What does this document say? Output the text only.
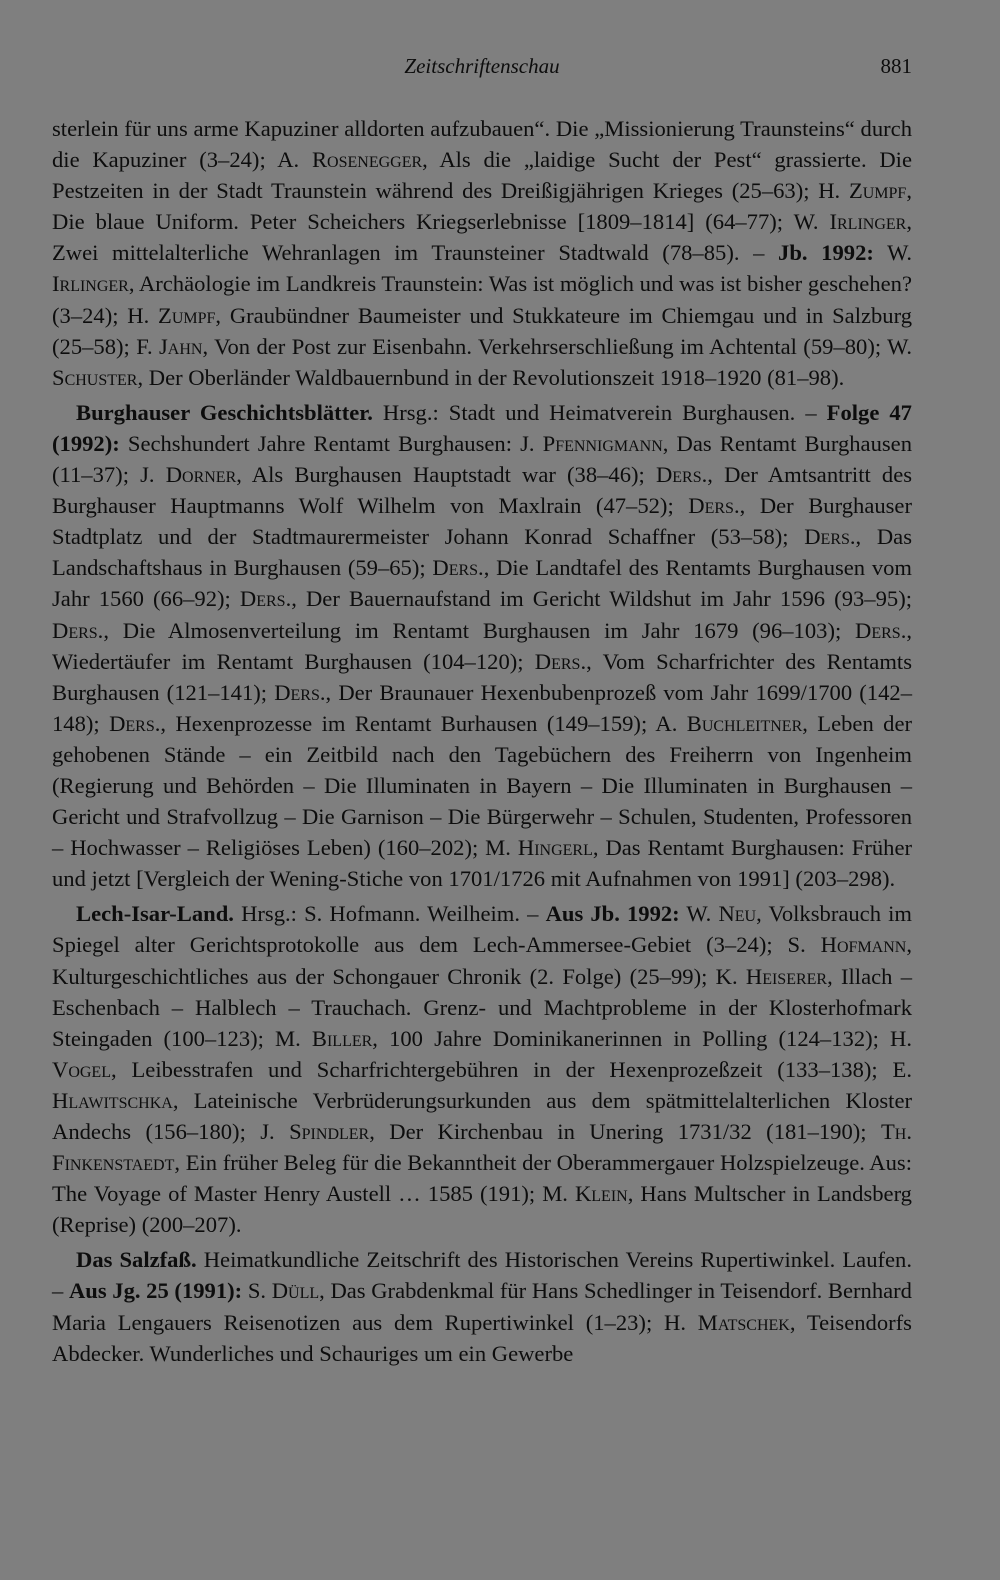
Zeitschriftenschau	881

sterlein für uns arme Kapuziner alldorten aufzubauen“. Die „Missionierung Traunsteins“ durch die Kapuziner (3–24); A. Rosenegger, Als die „laidige Sucht der Pest“ grassierte. Die Pestzeiten in der Stadt Traunstein während des Dreißigjährigen Krieges (25–63); H. Zumpf, Die blaue Uniform. Peter Scheichers Kriegserlebnisse [1809–1814] (64–77); W. Irlinger, Zwei mittelalterliche Wehranlagen im Traunsteiner Stadtwald (78–85). – Jb. 1992: W. Irlinger, Archäologie im Landkreis Traunstein: Was ist möglich und was ist bisher geschehen? (3–24); H. Zumpf, Graubündner Baumeister und Stukkateure im Chiemgau und in Salzburg (25–58); F. Jahn, Von der Post zur Eisenbahn. Verkehrserschließung im Achtental (59–80); W. Schuster, Der Oberländer Waldbauernbund in der Revolutionszeit 1918–1920 (81–98).

Burghauser Geschichtsblätter. Hrsg.: Stadt und Heimatverein Burghausen. – Folge 47 (1992): Sechshundert Jahre Rentamt Burghausen: J. Pfennigmann, Das Rentamt Burghausen (11–37); J. Dorner, Als Burghausen Hauptstadt war (38–46); Ders., Der Amtsantritt des Burghauser Hauptmanns Wolf Wilhelm von Maxlrain (47–52); Ders., Der Burghauser Stadtplatz und der Stadtmaurermeister Johann Konrad Schaffner (53–58); Ders., Das Landschaftshaus in Burghausen (59–65); Ders., Die Landtafel des Rentamts Burghausen vom Jahr 1560 (66–92); Ders., Der Bauernaufstand im Gericht Wildshut im Jahr 1596 (93–95); Ders., Die Almosenverteilung im Rentamt Burghausen im Jahr 1679 (96–103); Ders., Wiedertäufer im Rentamt Burghausen (104–120); Ders., Vom Scharfrichter des Rentamts Burghausen (121–141); Ders., Der Braunauer Hexenbubenprozeß vom Jahr 1699/1700 (142–148); Ders., Hexenprozesse im Rentamt Burhausen (149–159); A. Buchleitner, Leben der gehobenen Stände – ein Zeitbild nach den Tagebüchern des Freiherrn von Ingenheim (Regierung und Behörden – Die Illuminaten in Bayern – Die Illuminaten in Burghausen – Gericht und Strafvollzug – Die Garnison – Die Bürgerwehr – Schulen, Studenten, Professoren – Hochwasser – Religiöses Leben) (160–202); M. Hingerl, Das Rentamt Burghausen: Früher und jetzt [Vergleich der Wening-Stiche von 1701/1726 mit Aufnahmen von 1991] (203–298).

Lech-Isar-Land. Hrsg.: S. Hofmann. Weilheim. – Aus Jb. 1992: W. Neu, Volksbrauch im Spiegel alter Gerichtsprotokolle aus dem Lech-Ammersee-Gebiet (3–24); S. Hofmann, Kulturgeschichtliches aus der Schongauer Chronik (2. Folge) (25–99); K. Heiserer, Illach – Eschenbach – Halblech – Trauchach. Grenz- und Machtprobleme in der Klosterhofmark Steingaden (100–123); M. Biller, 100 Jahre Dominikanerinnen in Polling (124–132); H. Vogel, Leibesstrafen und Scharfrichtergebühren in der Hexenprozeßzeit (133–138); E. Hlawitschka, Lateinische Verbrüderungsurkunden aus dem spätmittelalterlichen Kloster Andechs (156–180); J. Spindler, Der Kirchenbau in Unering 1731/32 (181–190); Th. Finkenstaedt, Ein früher Beleg für die Bekanntheit der Oberammergauer Holzspielzeuge. Aus: The Voyage of Master Henry Austell … 1585 (191); M. Klein, Hans Multscher in Landsberg (Reprise) (200–207).

Das Salzfaß. Heimatkundliche Zeitschrift des Historischen Vereins Rupertiwinkel. Laufen. – Aus Jg. 25 (1991): S. Düll, Das Grabdenkmal für Hans Schedlinger in Teisendorf. Bernhard Maria Lengauers Reisenotizen aus dem Rupertiwinkel (1–23); H. Matschek, Teisendorfs Abdecker. Wunderliches und Schauriges um ein Gewerbe
